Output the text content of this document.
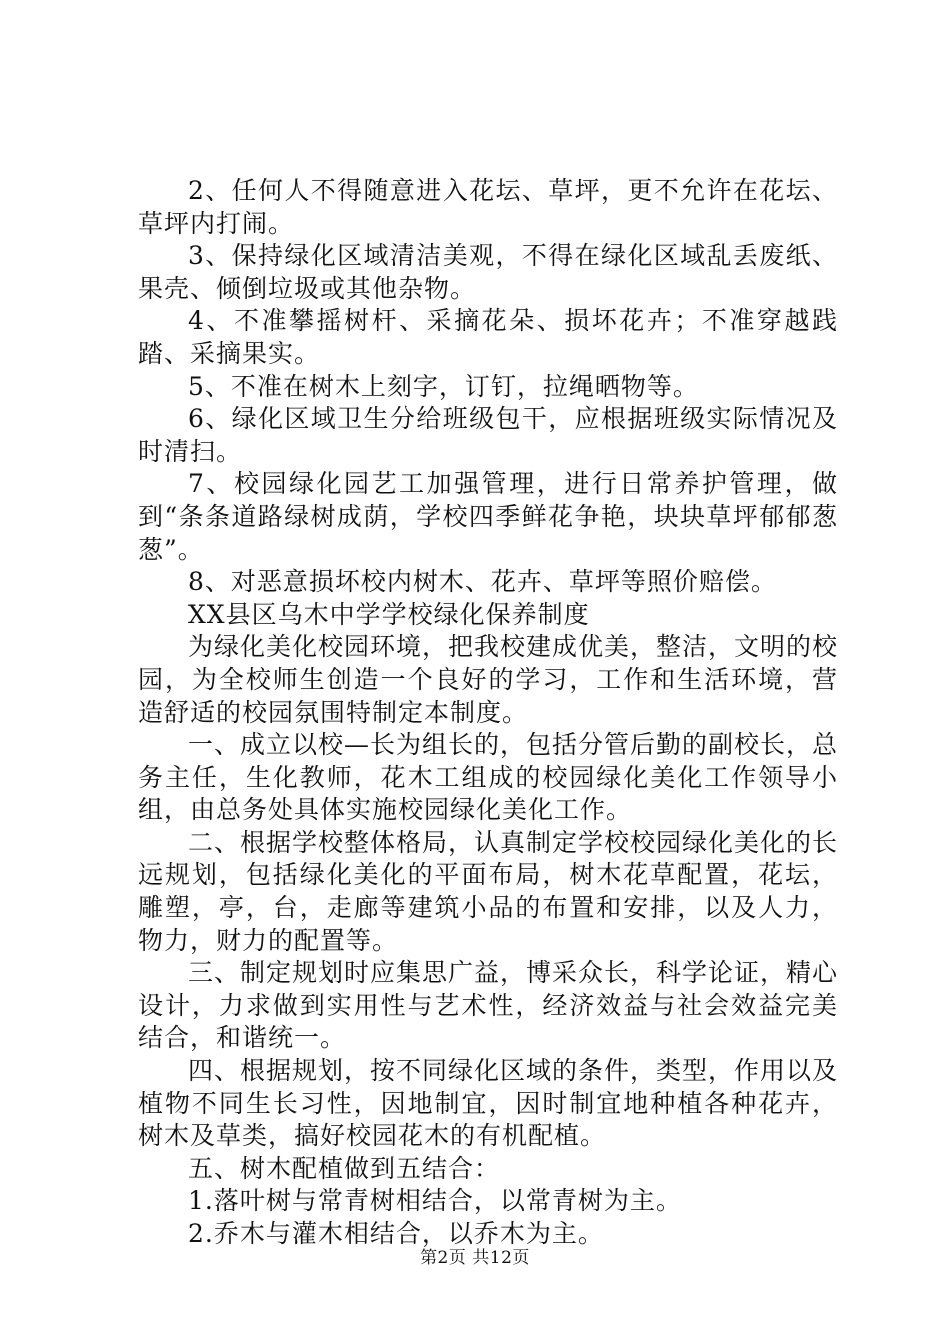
2、任何人不得随意进入花坛、草坪，更不允许在花坛、草坪内打闹。

3、保持绿化区域清洁美观，不得在绿化区域乱丢废纸、果壳、倾倒垃圾或其他杂物。

4、不准攀摇树杆、采摘花朵、损坏花卉；不准穿越践踏、采摘果实。

5、不准在树木上刻字，订钉，拉绳晒物等。

6、绿化区域卫生分给班级包干，应根据班级实际情况及时清扫。

7、校园绿化园艺工加强管理，进行日常养护管理，做到“条条道路绿树成荫，学校四季鲜花争艳，块块草坪郁郁葱葱”。

8、对恶意损坏校内树木、花卉、草坪等照价赔偿。

XX县区乌木中学学校绿化保养制度

为绿化美化校园环境，把我校建成优美，整洁，文明的校园，为全校师生创造一个良好的学习，工作和生活环境，营造舒适的校园氛围特制定本制度。

一、成立以校—长为组长的，包括分管后勤的副校长，总务主任，生化教师，花木工组成的校园绿化美化工作领导小组，由总务处具体实施校园绿化美化工作。

二、根据学校整体格局，认真制定学校校园绿化美化的长远规划，包括绿化美化的平面布局，树木花草配置，花坛，雕塑，亭，台，走廊等建筑小品的布置和安排，以及人力，物力，财力的配置等。

三、制定规划时应集思广益，博采众长，科学论证，精心设计，力求做到实用性与艺术性，经济效益与社会效益完美结合，和谐统一。

四、根据规划，按不同绿化区域的条件，类型，作用以及植物不同生长习性，因地制宜，因时制宜地种植各种花卉，树木及草类，搞好校园花木的有机配植。

五、树木配植做到五结合：

1.落叶树与常青树相结合，以常青树为主。

2.乔木与灌木相结合，以乔木为主。

第2页 共12页
